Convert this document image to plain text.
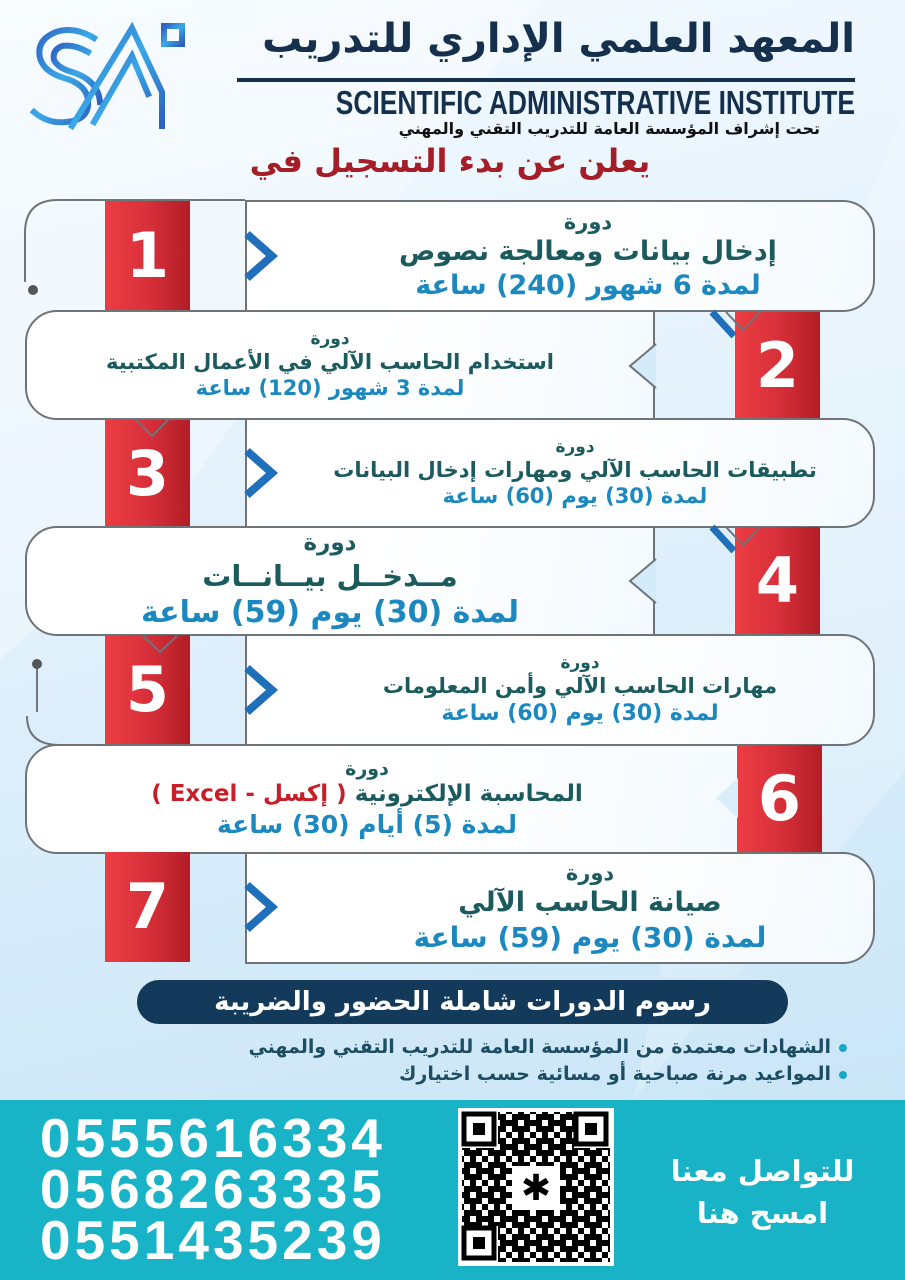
المعهد العلمي الإداري للتدريب
SCIENTIFIC ADMINISTRATIVE INSTITUTE
تحت إشراف المؤسسة العامة للتدريب التقني والمهني
يعلن عن بدء التسجيل في
دورة
إدخال بيانات ومعالجة نصوص
لمدة 6 شهور (240) ساعة
1
دورة
استخدام الحاسب الآلي في الأعمال المكتبية
لمدة 3 شهور (120) ساعة	2
دورة
تطبيقات الحاسب الآلي ومهارات إدخال البيانات
لمدة (30) يوم (60) ساعة
3
دورة
مــدخــل بيــانــات
لمدة (30) يوم (59) ساعة	4
دورة
مهارات الحاسب الآلي وأمن المعلومات
لمدة (30) يوم (60) ساعة
5
دورة
المحاسبة الإلكترونية ( إكسل - Excel )
لمدة (5) أيام (30) ساعة	6
دورة
صيانة الحاسب الآلي
لمدة (30) يوم (59) ساعة
7
رسوم الدورات شاملة الحضور والضريبة
الشهادات معتمدة من المؤسسة العامة للتدريب التقني والمهني
المواعيد مرنة صباحية أو مسائية حسب اختيارك
0555616334
0568263335
0551435239
✱	للتواصل معنا
امسح هنا
